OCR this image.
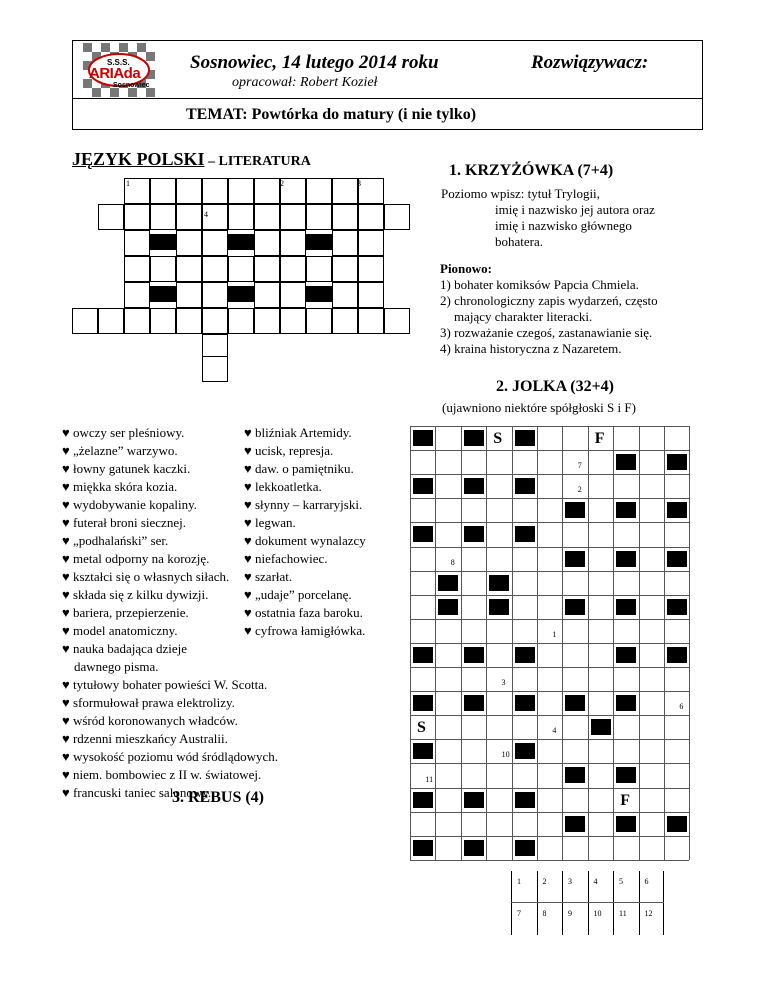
S.S.S.
ARIAda
Sosnowiec
Sosnowiec, 14 lutego 2014 roku	Rozwiązywacz:
opracował: Robert Kozieł
TEMAT: Powtórka do matury (i nie tylko)
JĘZYK POLSKI – LITERATURA
1. KRZYŻÓWKA (7+4)
Poziomo wpisz: tytuł Trylogii,
imię i nazwisko jej autora oraz
imię i nazwisko głównego
bohatera.
Pionowo:
1) bohater komiksów Papcia Chmiela.
2) chronologiczny zapis wydarzeń, często

mający charakter literacki.
3) rozważanie czegoś, zastanawianie się.
4) kraina historyczna z Nazaretem.
1	2	3
4
2. JOLKA (32+4)
(ujawniono niektóre spółgłoski S i F)
♥ owczy ser pleśniowy.
♥ „żelazne” warzywo.
♥ łowny gatunek kaczki.
♥ miękka skóra kozia.
♥ wydobywanie kopaliny.
♥ futerał broni siecznej.
♥ „podhalański” ser.
♥ metal odporny na korozję.
♥ kształci się o własnych siłach.
♥ składa się z kilku dywizji.
♥ bariera, przepierzenie.
♥ model anatomiczny.
♥ nauka badająca dzieje
dawnego pisma.
♥ tytułowy bohater powieści W. Scotta.
♥ sformułował prawa elektrolizy.
♥ wśród koronowanych władców.
♥ rdzenni mieszkańcy Australii.
♥ wysokość poziomu wód śródlądowych.
♥ niem. bombowiec z II w. światowej.
♥ francuski taniec salonowy.
♥ bliźniak Artemidy.
♥ ucisk, represja.
♥ daw. o pamiętniku.
♥ lekkoatletka.
♥ słynny – karraryjski.
♥ legwan.
♥ dokument wynalazcy
♥ niefachowiec.
♥ szarłat.
♥ „udaje” porcelanę.
♥ ostatnia faza baroku.
♥ cyfrowa łamigłówka.
S	F
S
F
7
2
8
1
3
9	6
4
10
11
12	5
1	2	3	4	5	6
7	8	9	10	11	12
3. REBUS (4)
